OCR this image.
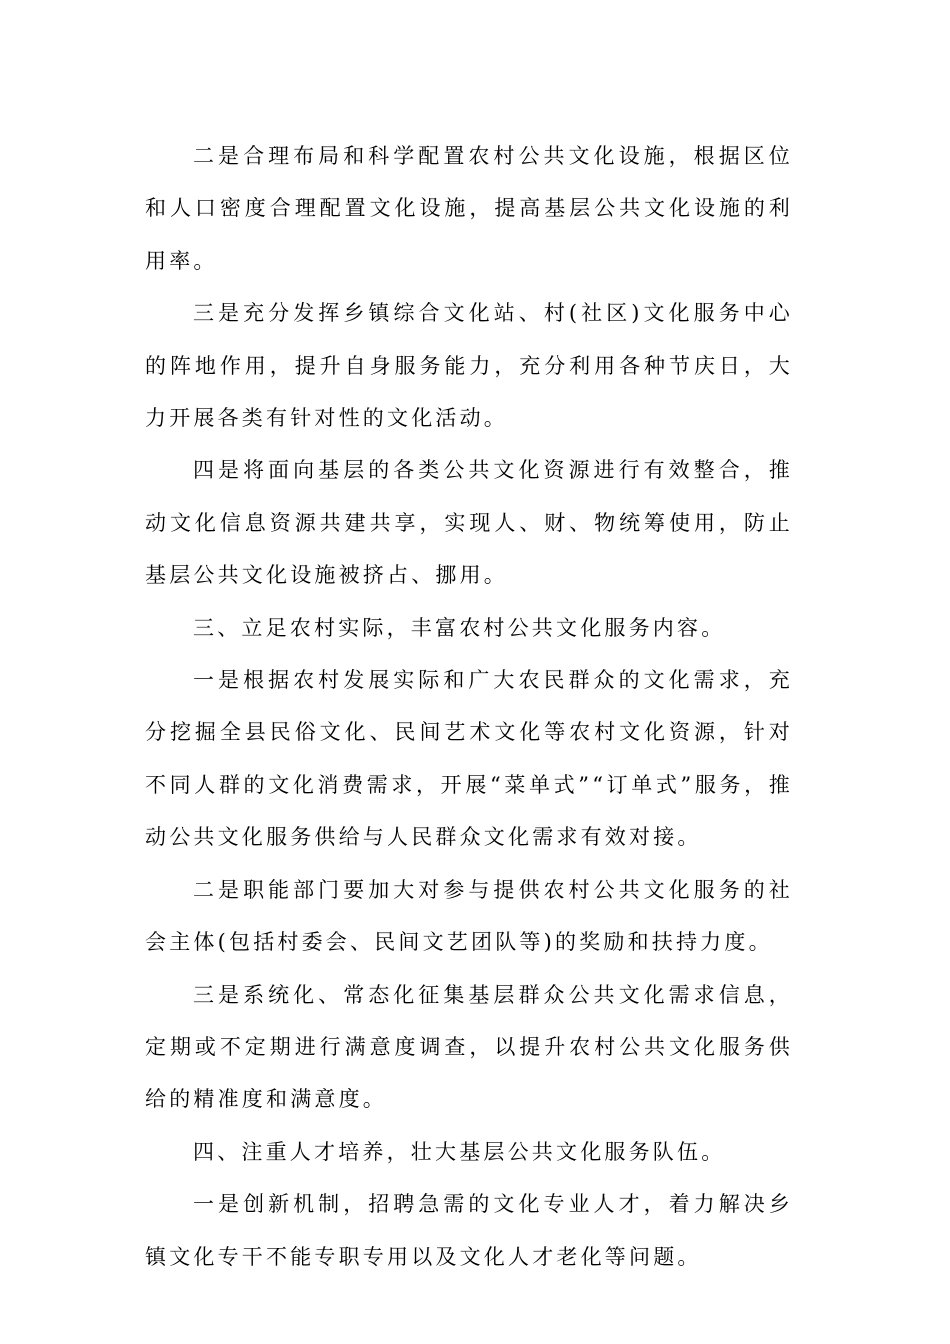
二是合理布局和科学配置农村公共文化设施，根据区位和人口密度合理配置文化设施，提高基层公共文化设施的利用率。

三是充分发挥乡镇综合文化站、村(社区)文化服务中心的阵地作用，提升自身服务能力，充分利用各种节庆日，大力开展各类有针对性的文化活动。

四是将面向基层的各类公共文化资源进行有效整合，推动文化信息资源共建共享，实现人、财、物统筹使用，防止基层公共文化设施被挤占、挪用。

三、立足农村实际，丰富农村公共文化服务内容。

一是根据农村发展实际和广大农民群众的文化需求，充分挖掘全县民俗文化、民间艺术文化等农村文化资源，针对不同人群的文化消费需求，开展“菜单式”“订单式”服务，推动公共文化服务供给与人民群众文化需求有效对接。

二是职能部门要加大对参与提供农村公共文化服务的社会主体(包括村委会、民间文艺团队等)的奖励和扶持力度。

三是系统化、常态化征集基层群众公共文化需求信息，定期或不定期进行满意度调查，以提升农村公共文化服务供给的精准度和满意度。

四、注重人才培养，壮大基层公共文化服务队伍。

一是创新机制，招聘急需的文化专业人才，着力解决乡镇文化专干不能专职专用以及文化人才老化等问题。
